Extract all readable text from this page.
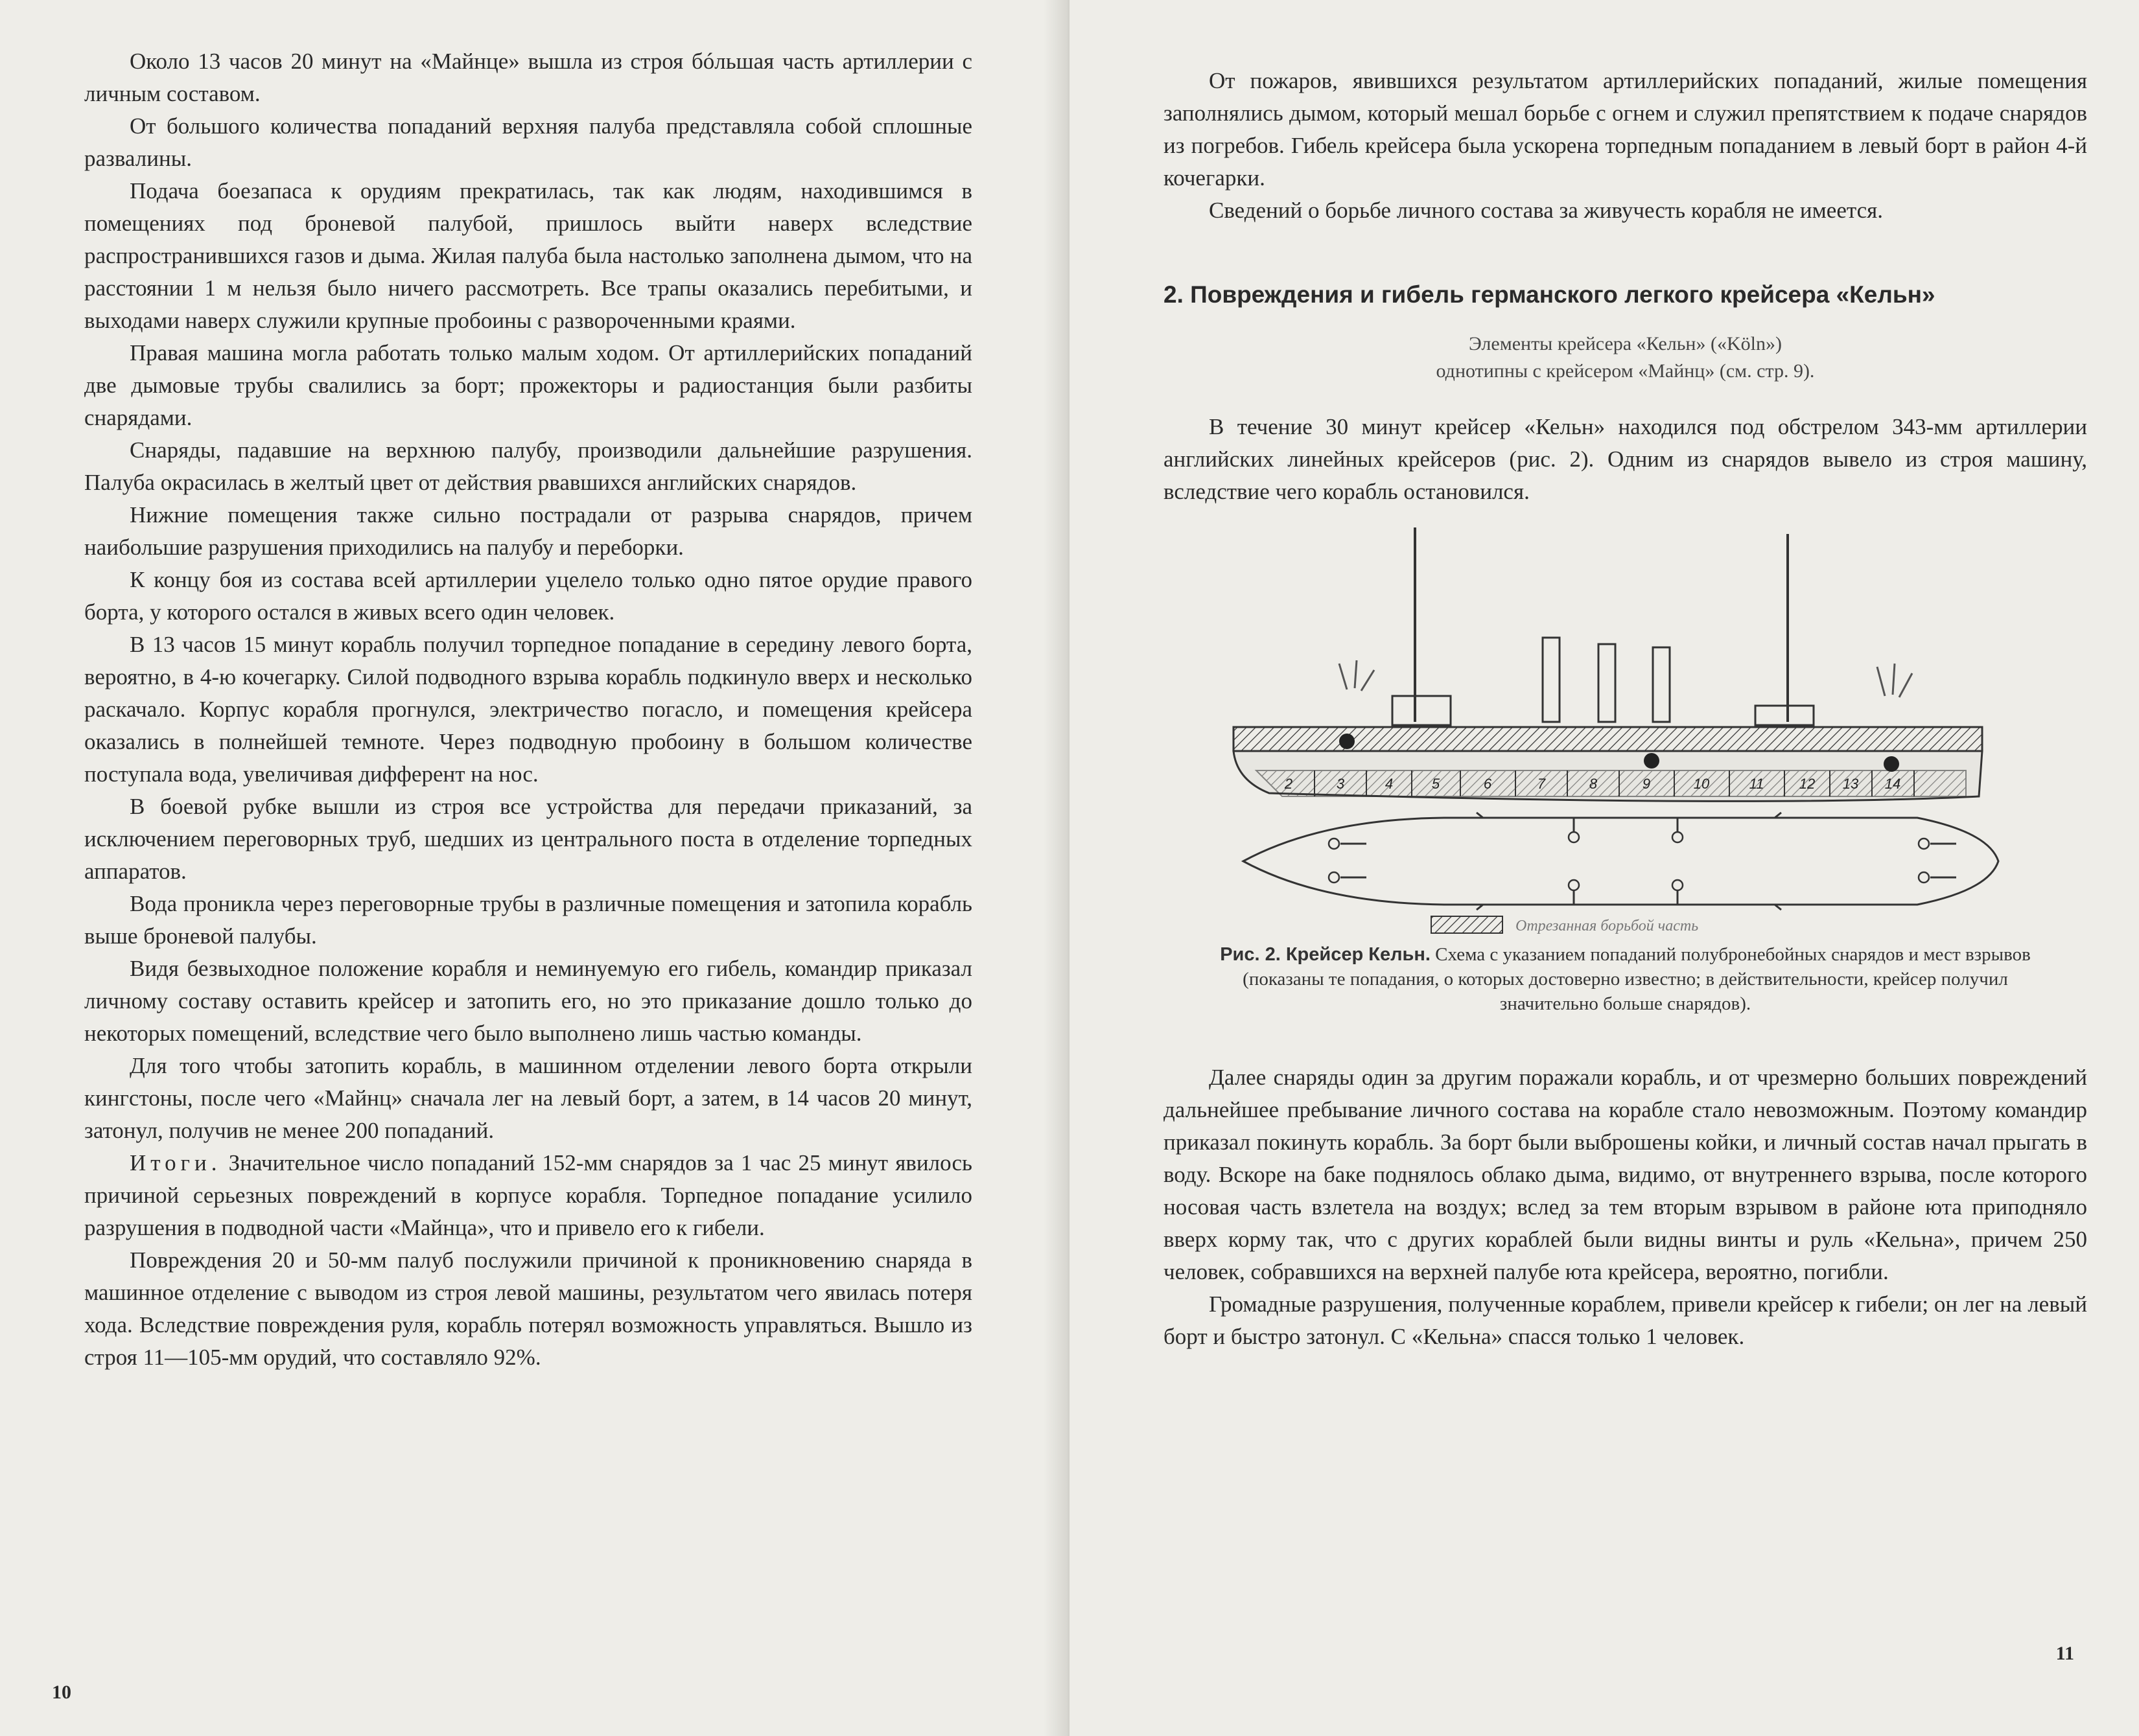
Около 13 часов 20 минут на «Майнце» вышла из строя бóльшая часть артиллерии с личным составом.

От большого количества попаданий верхняя палуба представляла собой сплошные развалины.

Подача боезапаса к орудиям прекратилась, так как людям, находившимся в помещениях под броневой палубой, пришлось выйти наверх вследствие распространившихся газов и дыма. Жилая палуба была настолько заполнена дымом, что на расстоянии 1 м нельзя было ничего рассмотреть. Все трапы оказались перебитыми, и выходами наверх служили крупные пробоины с развороченными краями.

Правая машина могла работать только малым ходом. От артиллерийских попаданий две дымовые трубы свалились за борт; прожекторы и радиостанция были разбиты снарядами.

Снаряды, падавшие на верхнюю палубу, производили дальнейшие разрушения. Палуба окрасилась в желтый цвет от действия рвавшихся английских снарядов.

Нижние помещения также сильно пострадали от разрыва снарядов, причем наибольшие разрушения приходились на палубу и переборки.

К концу боя из состава всей артиллерии уцелело только одно пятое орудие правого борта, у которого остался в живых всего один человек.

В 13 часов 15 минут корабль получил торпедное попадание в середину левого борта, вероятно, в 4-ю кочегарку. Силой подводного взрыва корабль подкинуло вверх и несколько раскачало. Корпус корабля прогнулся, электричество погасло, и помещения крейсера оказались в полнейшей темноте. Через подводную пробоину в большом количестве поступала вода, увеличивая дифферент на нос.

В боевой рубке вышли из строя все устройства для передачи приказаний, за исключением переговорных труб, шедших из центрального поста в отделение торпедных аппаратов.

Вода проникла через переговорные трубы в различные помещения и затопила корабль выше броневой палубы.

Видя безвыходное положение корабля и неминуемую его гибель, командир приказал личному составу оставить крейсер и затопить его, но это приказание дошло только до некоторых помещений, вследствие чего было выполнено лишь частью команды.

Для того чтобы затопить корабль, в машинном отделении левого борта открыли кингстоны, после чего «Майнц» сначала лег на левый борт, а затем, в 14 часов 20 минут, затонул, получив не менее 200 попаданий.

Итоги. Значительное число попаданий 152-мм снарядов за 1 час 25 минут явилось причиной серьезных повреждений в корпусе корабля. Торпедное попадание усилило разрушения в подводной части «Майнца», что и привело его к гибели.

Повреждения 20 и 50-мм палуб послужили причиной к проникновению снаряда в машинное отделение с выводом из строя левой машины, результатом чего явилась потеря хода. Вследствие повреждения руля, корабль потерял возможность управляться. Вышло из строя 11—105-мм орудий, что составляло 92%.

10

От пожаров, явившихся результатом артиллерийских попаданий, жилые помещения заполнялись дымом, который мешал борьбе с огнем и служил препятствием к подаче снарядов из погребов. Гибель крейсера была ускорена торпедным попаданием в левый борт в район 4-й кочегарки.

Сведений о борьбе личного состава за живучесть корабля не имеется.

2. Повреждения и гибель германского легкого крейсера «Кельн»
Элементы крейсера «Кельн» («Köln»)
однотипны с крейсером «Майнц» (см. стр. 9).

В течение 30 минут крейсер «Кельн» находился под обстрелом 343-мм артиллерии английских линейных крейсеров (рис. 2). Одним из снарядов вывело из строя машину, вследствие чего корабль остановился.

2	3	4	5	6	7	8	9	10	11 12 13 14
Отрезанная борьбой часть
Рис. 2. Крейсер Кельн. Схема с указанием попаданий полубронебойных снарядов и мест взрывов (показаны те попадания, о которых достоверно известно; в действительности, крейсер получил значительно больше снарядов).

Далее снаряды один за другим поражали корабль, и от чрезмерно больших повреждений дальнейшее пребывание личного состава на корабле стало невозможным. Поэтому командир приказал покинуть корабль. За борт были выброшены койки, и личный состав начал прыгать в воду. Вскоре на баке поднялось облако дыма, видимо, от внутреннего взрыва, после которого носовая часть взлетела на воздух; вслед за тем вторым взрывом в районе юта приподняло вверх корму так, что с других кораблей были видны винты и руль «Кельна», причем 250 человек, собравшихся на верхней палубе юта крейсера, вероятно, погибли.

Громадные разрушения, полученные кораблем, привели крейсер к гибели; он лег на левый борт и быстро затонул. С «Кельна» спасся только 1 человек.

11
